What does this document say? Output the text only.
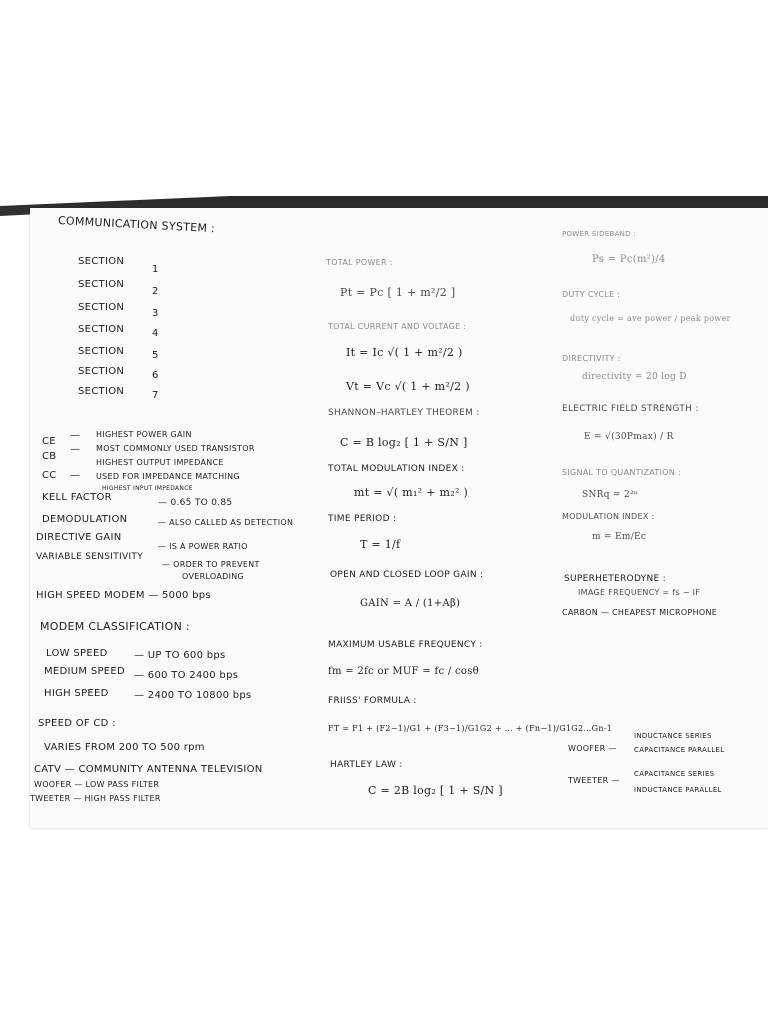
COMMUNICATION SYSTEM :
SECTION
1
SECTION
2
SECTION
3
SECTION	4
SECTION	5
SECTION	6
SECTION	7
CE
— HIGHEST POWER GAIN
CB
— MOST COMMONLY USED TRANSISTOR
HIGHEST OUTPUT IMPEDANCE
CC — USED FOR IMPEDANCE MATCHING
HIGHEST INPUT IMPEDANCE
KELL FACTOR	— 0.65 TO 0.85
DEMODULATION	— ALSO CALLED AS DETECTION
DIRECTIVE GAIN
— IS A POWER RATIO
VARIABLE SENSITIVITY
— ORDER TO PREVENT
OVERLOADING
HIGH SPEED MODEM — 5000 bps
MODEM CLASSIFICATION :
LOW SPEED	— UP TO 600 bps
MEDIUM SPEED — 600 TO 2400 bps
HIGH SPEED	— 2400 TO 10800 bps
SPEED OF CD :
VARIES FROM 200 TO 500 rpm
CATV — COMMUNITY ANTENNA TELEVISION
WOOFER — LOW PASS FILTER
TWEETER — HIGH PASS FILTER
TOTAL POWER :
Pt = Pc [ 1 + m²/2 ]
TOTAL CURRENT AND VOLTAGE :
It = Ic √( 1 + m²/2 )
Vt = Vc √( 1 + m²/2 )
SHANNON–HARTLEY THEOREM :
C = B log₂ [ 1 + S/N ]
TOTAL MODULATION INDEX :
mt = √( m₁² + m₂² )
TIME PERIOD :
T = 1/f
OPEN AND CLOSED LOOP GAIN :
GAIN = A / (1+Aβ)
MAXIMUM USABLE FREQUENCY :
fm = 2fc or MUF = fc / cosθ
FRIISS' FORMULA :
FT = F1 + (F2−1)/G1 + (F3−1)/G1G2 + … + (Fn−1)/G1G2…Gn-1
HARTLEY LAW :
C = 2B log₂ [ 1 + S/N ]
POWER SIDEBAND :
Ps = Pc(m²)/4
DUTY CYCLE :
duty cycle = ave power / peak power
DIRECTIVITY :
directivity = 20 log D
ELECTRIC FIELD STRENGTH :
E = √(30Pmax) / R
SIGNAL TO QUANTIZATION :
SNRq = 2²ⁿ
MODULATION INDEX :
m = Em/Ec
SUPERHETERODYNE :
IMAGE FREQUENCY = fs − IF
CARBON — CHEAPEST MICROPHONE
WOOFER —
INDUCTANCE SERIES
CAPACITANCE PARALLEL
TWEETER —
CAPACITANCE SERIES
INDUCTANCE PARALLEL
